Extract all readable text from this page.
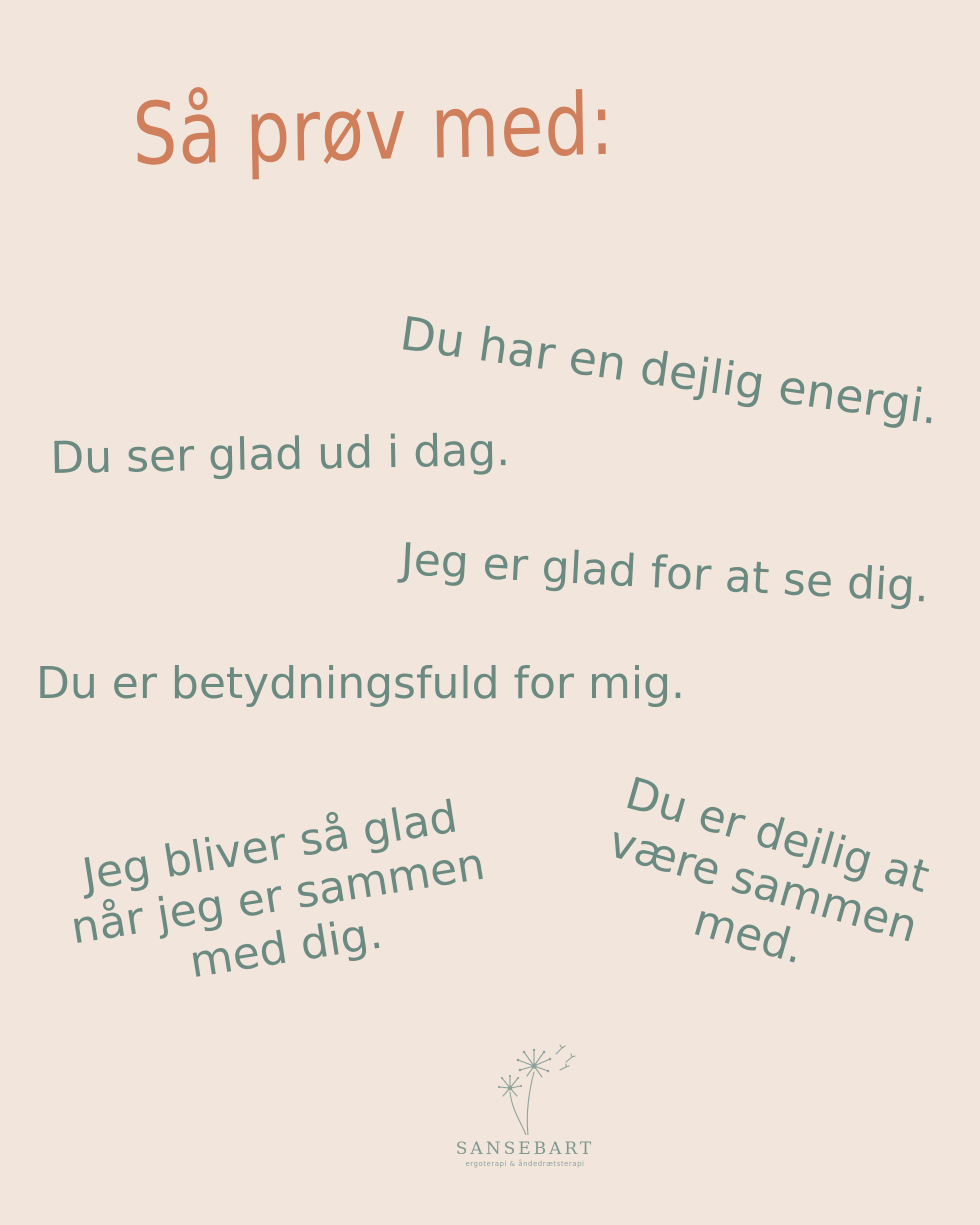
Så prøv med:
Du har en dejlig energi.
Du ser glad ud i dag.
Jeg er glad for at se dig.
Du er betydningsfuld for mig.
Jeg bliver så glad
når jeg er sammen
med dig.
Du er dejlig at
være sammen
med.
SANSEBART
ergoterapi & åndedrætsterapi
